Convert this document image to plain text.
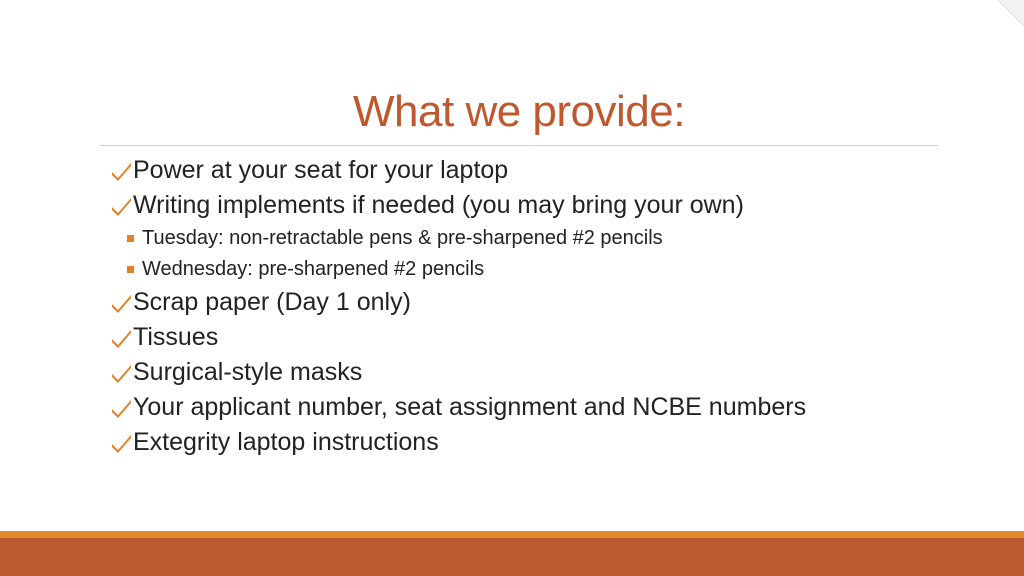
What we provide:
Power at your seat for your laptop
Writing implements if needed (you may bring your own)
Tuesday: non-retractable pens & pre-sharpened #2 pencils
Wednesday: pre-sharpened #2 pencils
Scrap paper (Day 1 only)
Tissues
Surgical-style masks
Your applicant number, seat assignment and NCBE numbers
Extegrity laptop instructions
